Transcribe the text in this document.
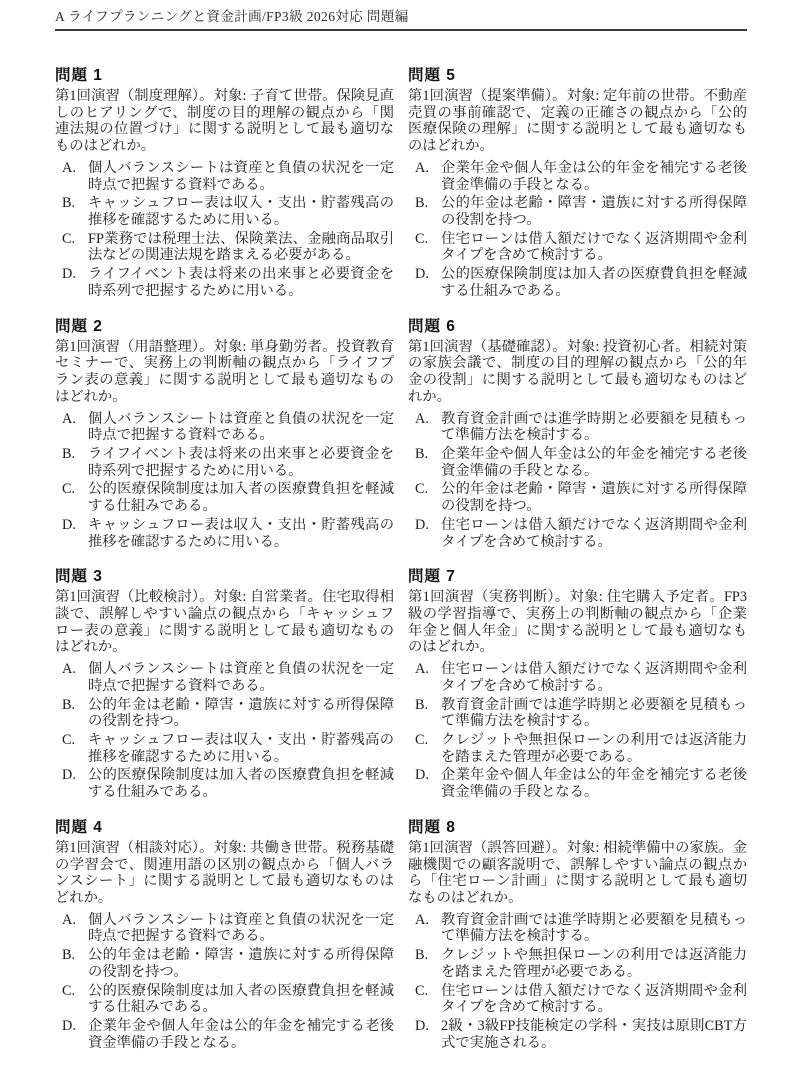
A ライフプランニングと資金計画/FP3級 2026対応 問題編
問題 1

第1回演習（制度理解）。対象: 子育て世帯。保険見直しのヒアリングで、制度の目的理解の観点から「関連法規の位置づけ」に関する説明として最も適切なものはどれか。

A. 個人バランスシートは資産と負債の状況を一定時点で把握する資料である。
B. キャッシュフロー表は収入・支出・貯蓄残高の推移を確認するために用いる。
C. FP業務では税理士法、保険業法、金融商品取引法などの関連法規を踏まえる必要がある。
D. ライフイベント表は将来の出来事と必要資金を時系列で把握するために用いる。
問題 2

第1回演習（用語整理）。対象: 単身勤労者。投資教育セミナーで、実務上の判断軸の観点から「ライフプラン表の意義」に関する説明として最も適切なものはどれか。

A. 個人バランスシートは資産と負債の状況を一定時点で把握する資料である。
B. ライフイベント表は将来の出来事と必要資金を時系列で把握するために用いる。
C. 公的医療保険制度は加入者の医療費負担を軽減する仕組みである。
D. キャッシュフロー表は収入・支出・貯蓄残高の推移を確認するために用いる。
問題 3

第1回演習（比較検討）。対象: 自営業者。住宅取得相談で、誤解しやすい論点の観点から「キャッシュフロー表の意義」に関する説明として最も適切なものはどれか。

A. 個人バランスシートは資産と負債の状況を一定時点で把握する資料である。
B. 公的年金は老齢・障害・遺族に対する所得保障の役割を持つ。
C. キャッシュフロー表は収入・支出・貯蓄残高の推移を確認するために用いる。
D. 公的医療保険制度は加入者の医療費負担を軽減する仕組みである。
問題 4

第1回演習（相談対応）。対象: 共働き世帯。税務基礎の学習会で、関連用語の区別の観点から「個人バランスシート」に関する説明として最も適切なものはどれか。

A. 個人バランスシートは資産と負債の状況を一定時点で把握する資料である。
B. 公的年金は老齢・障害・遺族に対する所得保障の役割を持つ。
C. 公的医療保険制度は加入者の医療費負担を軽減する仕組みである。
D. 企業年金や個人年金は公的年金を補完する老後資金準備の手段となる。
問題 5

第1回演習（提案準備）。対象: 定年前の世帯。不動産売買の事前確認で、定義の正確さの観点から「公的医療保険の理解」に関する説明として最も適切なものはどれか。

A. 企業年金や個人年金は公的年金を補完する老後資金準備の手段となる。
B. 公的年金は老齢・障害・遺族に対する所得保障の役割を持つ。
C. 住宅ローンは借入額だけでなく返済期間や金利タイプを含めて検討する。
D. 公的医療保険制度は加入者の医療費負担を軽減する仕組みである。
問題 6

第1回演習（基礎確認）。対象: 投資初心者。相続対策の家族会議で、制度の目的理解の観点から「公的年金の役割」に関する説明として最も適切なものはどれか。

A. 教育資金計画では進学時期と必要額を見積もって準備方法を検討する。
B. 企業年金や個人年金は公的年金を補完する老後資金準備の手段となる。
C. 公的年金は老齢・障害・遺族に対する所得保障の役割を持つ。
D. 住宅ローンは借入額だけでなく返済期間や金利タイプを含めて検討する。
問題 7

第1回演習（実務判断）。対象: 住宅購入予定者。FP3級の学習指導で、実務上の判断軸の観点から「企業年金と個人年金」に関する説明として最も適切なものはどれか。

A. 住宅ローンは借入額だけでなく返済期間や金利タイプを含めて検討する。
B. 教育資金計画では進学時期と必要額を見積もって準備方法を検討する。
C. クレジットや無担保ローンの利用では返済能力を踏まえた管理が必要である。
D. 企業年金や個人年金は公的年金を補完する老後資金準備の手段となる。
問題 8

第1回演習（誤答回避）。対象: 相続準備中の家族。金融機関での顧客説明で、誤解しやすい論点の観点から「住宅ローン計画」に関する説明として最も適切なものはどれか。

A. 教育資金計画では進学時期と必要額を見積もって準備方法を検討する。
B. クレジットや無担保ローンの利用では返済能力を踏まえた管理が必要である。
C. 住宅ローンは借入額だけでなく返済期間や金利タイプを含めて検討する。
D. 2級・3級FP技能検定の学科・実技は原則CBT方式で実施される。
